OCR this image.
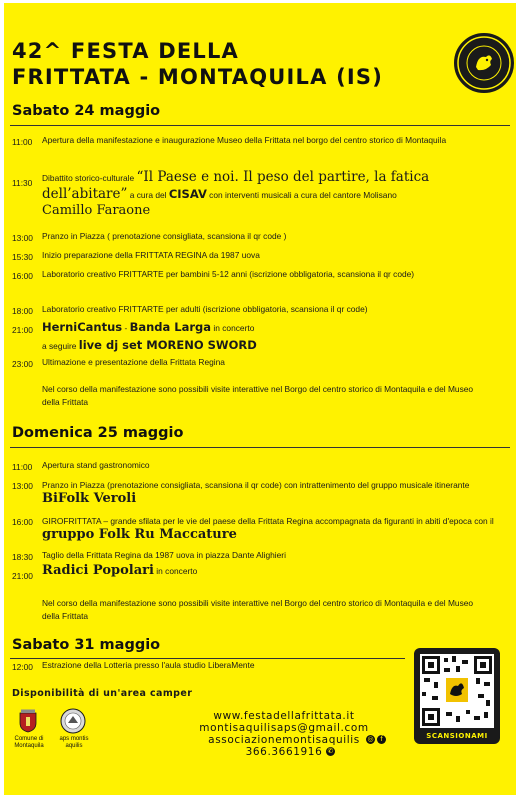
42^ FESTA DELLA
FRITTATA - MONTAQUILA (IS)
Sabato 24 maggio
11:00 Apertura della manifestazione e inaugurazione Museo della Frittata nel borgo del centro storico di Montaquila
11:30 Dibattito storico-culturale “Il Paese e noi. Il peso del partire, la fatica dell’abitare” a cura del CISAV con interventi musicali a cura del cantore Molisano
Camillo Faraone
13:00 Pranzo in Piazza ( prenotazione consigliata, scansiona il qr code )
15:30 Inizio preparazione della FRITTATA REGINA da 1987 uova
16:00 Laboratorio creativo FRITTARTE per bambini 5-12 anni (iscrizione obbligatoria, scansiona il qr code)
18:00 Laboratorio creativo FRITTARTE per adulti (iscrizione obbligatoria, scansiona il qr code)
21:00 HerniCantus - Banda Larga in concerto
a seguire live dj set MORENO SWORD
23:00 Ultimazione e presentazione della Frittata Regina
Nel corso della manifestazione sono possibili visite interattive nel Borgo del centro storico di Montaquila e del Museo della Frittata
Domenica 25 maggio
11:00 Apertura stand gastronomico
13:00 Pranzo in Piazza (prenotazione consigliata, scansiona il qr code) con intrattenimento del gruppo musicale itinerante BiFolk Veroli
16:00 GIROFRITTATA – grande sfilata per le vie del paese della Frittata Regina accompagnata da figuranti in abiti d'epoca con il gruppo Folk Ru Maccature
18:30 Taglio della Frittata Regina da 1987 uova in piazza Dante Alighieri
21:00 Radici Popolari in concerto
Nel corso della manifestazione sono possibili visite interattive nel Borgo del centro storico di Montaquila e del Museo della Frittata
Sabato 31 maggio
12:00 Estrazione della Lotteria presso l'aula studio LiberaMente
Disponibilità di un'area camper
Comune di Montaquila
aps montis aquilis
www.festadellafrittata.it
montisaquilisaps@gmail.com
associazionemontisaquilis
366.3661916
◎ f
✆
SCANSIONAMI
